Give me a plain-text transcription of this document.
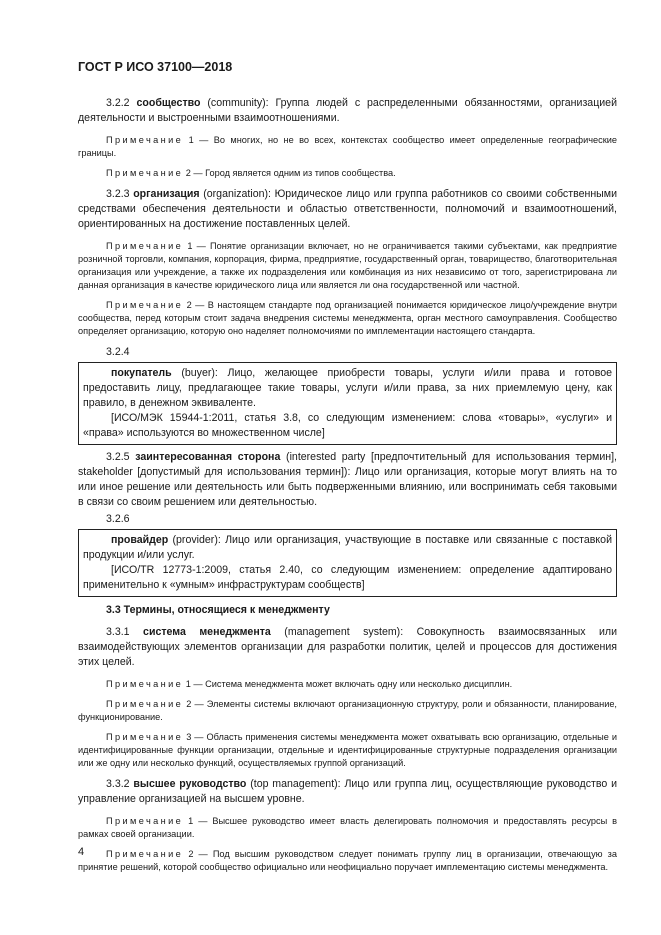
ГОСТ Р ИСО 37100—2018

3.2.2 сообщество (community): Группа людей с распределенными обязанностями, организацией деятельности и выстроенными взаимоотношениями.

Примечание 1 — Во многих, но не во всех, контекстах сообщество имеет определенные географические границы.

Примечание 2 — Город является одним из типов сообщества.

3.2.3 организация (organization): Юридическое лицо или группа работников со своими собственными средствами обеспечения деятельности и областью ответственности, полномочий и взаимоотношений, ориентированных на достижение поставленных целей.

Примечание 1 — Понятие организации включает, но не ограничивается такими субъектами, как предприятие розничной торговли, компания, корпорация, фирма, предприятие, государственный орган, товарищество, благотворительная организация или учреждение, а также их подразделения или комбинация из них независимо от того, зарегистрирована ли данная организация в качестве юридического лица или является ли она государственной или частной.

Примечание 2 — В настоящем стандарте под организацией понимается юридическое лицо/учреждение внутри сообщества, перед которым стоит задача внедрения системы менеджмента, орган местного самоуправления. Сообщество определяет организацию, которую оно наделяет полномочиями по имплементации настоящего стандарта.

3.2.4

покупатель (buyer): Лицо, желающее приобрести товары, услуги и/или права и готовое предоставить лицу, предлагающее такие товары, услуги и/или права, за них приемлемую цену, как правило, в денежном эквиваленте.

[ИСО/МЭК 15944-1:2011, статья 3.8, со следующим изменением: слова «товары», «услуги» и «права» используются во множественном числе]

3.2.5 заинтересованная сторона (interested party [предпочтительный для использования термин], stakeholder [допустимый для использования термин]): Лицо или организация, которые могут влиять на то или иное решение или деятельность или быть подверженными влиянию, или воспринимать себя таковыми в связи со своим решением или деятельностью.

3.2.6

провайдер (provider): Лицо или организация, участвующие в поставке или связанные с поставкой продукции и/или услуг.

[ИСО/TR 12773-1:2009, статья 2.40, со следующим изменением: определение адаптировано применительно к «умным» инфраструктурам сообществ]

3.3 Термины, относящиеся к менеджменту

3.3.1 система менеджмента (management system): Совокупность взаимосвязанных или взаимодействующих элементов организации для разработки политик, целей и процессов для достижения этих целей.

Примечание 1 — Система менеджмента может включать одну или несколько дисциплин.

Примечание 2 — Элементы системы включают организационную структуру, роли и обязанности, планирование, функционирование.

Примечание 3 — Область применения системы менеджмента может охватывать всю организацию, отдельные и идентифицированные функции организации, отдельные и идентифицированные структурные подразделения организации или же одну или несколько функций, осуществляемых группой организаций.

3.3.2 высшее руководство (top management): Лицо или группа лиц, осуществляющие руководство и управление организацией на высшем уровне.

Примечание 1 — Высшее руководство имеет власть делегировать полномочия и предоставлять ресурсы в рамках своей организации.

Примечание 2 — Под высшим руководством следует понимать группу лиц в организации, отвечающую за принятие решений, которой сообщество официально или неофициально поручает имплементацию системы менеджмента.

4
